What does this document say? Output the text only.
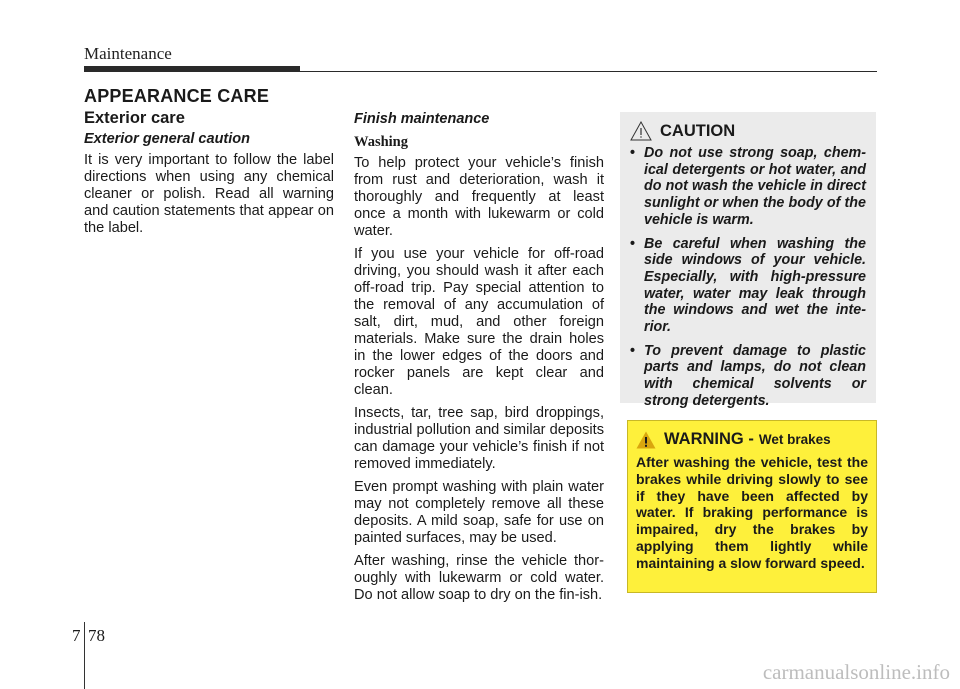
Maintenance
APPEARANCE CARE
Exterior care
Exterior general caution

It is very important to follow the label directions when using any chemical cleaner or polish. Read all warning and caution statements that appear on the label.

Finish maintenance
Washing

To help protect your vehicle’s finish from rust and deterioration, wash it thoroughly and frequently at least once a month with lukewarm or cold water.

If you use your vehicle for off-road driving, you should wash it after each off-road trip. Pay special attention to the removal of any accumulation of salt, dirt, mud, and other foreign materials. Make sure the drain holes in the lower edges of the doors and rocker panels are kept clear and clean.

Insects, tar, tree sap, bird droppings, industrial pollution and similar deposits can damage your vehicle’s finish if not removed immediately.

Even prompt washing with plain water may not completely remove all these deposits. A mild soap, safe for use on painted surfaces, may be used.

After washing, rinse the vehicle thor-oughly with lukewarm or cold water. Do not allow soap to dry on the fin-ish.

CAUTION
• Do not use strong soap, chem-ical detergents or hot water, and do not wash the vehicle in direct sunlight or when the body of the vehicle is warm.
• Be careful when washing the side windows of your vehicle. Especially, with high-pressure water, water may leak through the windows and wet the inte-rior.
• To prevent damage to plastic parts and lamps, do not clean with chemical solvents or strong detergents.
WARNING - Wet brakes

After washing the vehicle, test the brakes while driving slowly to see if they have been affected by water. If braking performance is impaired, dry the brakes by applying them lightly while maintaining a slow forward speed.

7 78
carmanualsonline.info
